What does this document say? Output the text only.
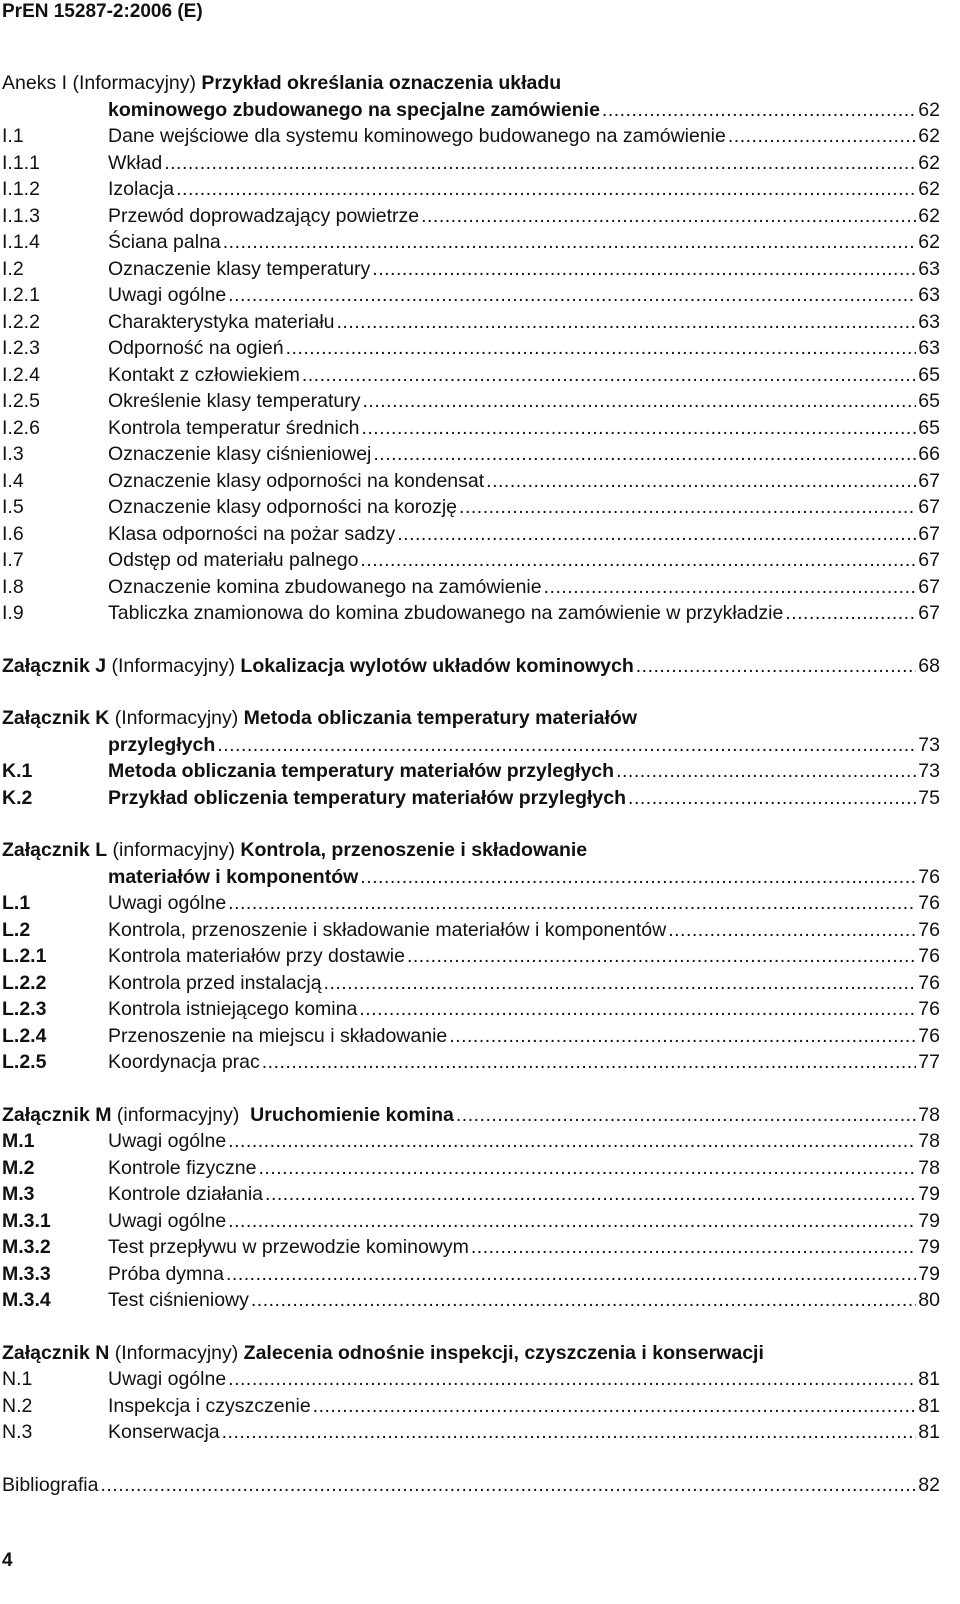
PrEN 15287-2:2006 (E)
Aneks I (Informacyjny) Przykład określania oznaczenia układu
kominowego zbudowanego na specjalne zamówienie .....	62
I.1	Dane wejściowe dla systemu kominowego budowanego na zamówienie .....	62
I.1.1	Wkład .....	62
I.1.2	Izolacja .....	62
I.1.3	Przewód doprowadzający powietrze .....	62
I.1.4	Ściana palna .....	62
I.2	Oznaczenie klasy temperatury .....	63
I.2.1	Uwagi ogólne .....	63
I.2.2	Charakterystyka materiału .....	63
I.2.3	Odporność na ogień .....	63
I.2.4	Kontakt z człowiekiem .....	65
I.2.5	Określenie klasy temperatury .....	65
I.2.6	Kontrola temperatur średnich .....	65
I.3	Oznaczenie klasy ciśnieniowej .....	66
I.4	Oznaczenie klasy odporności na kondensat .....	67
I.5	Oznaczenie klasy odporności na korozję .....	67
I.6	Klasa odporności na pożar sadzy .....	67
I.7	Odstęp od materiału palnego .....	67
I.8	Oznaczenie komina zbudowanego na zamówienie .....	67
I.9	Tabliczka znamionowa do komina zbudowanego na zamówienie w przykładzie .....	67
Załącznik J (Informacyjny) Lokalizacja wylotów układów kominowych .....	68
Załącznik K (Informacyjny) Metoda obliczania temperatury materiałów
przyległych .....	73
K.1	Metoda obliczania temperatury materiałów przyległych .....	73
K.2	Przykład obliczenia temperatury materiałów przyległych .....	75
Załącznik L (informacyjny) Kontrola, przenoszenie i składowanie
materiałów i komponentów .....	76
L.1	Uwagi ogólne .....	76
L.2	Kontrola, przenoszenie i składowanie materiałów i komponentów .....	76
L.2.1	Kontrola materiałów przy dostawie .....	76
L.2.2	Kontrola przed instalacją .....	76
L.2.3	Kontrola istniejącego komina .....	76
L.2.4	Przenoszenie na miejscu i składowanie .....	76
L.2.5	Koordynacja prac .....	77
Załącznik M (informacyjny)  Uruchomienie komina .....	78
M.1	Uwagi ogólne .....	78
M.2	Kontrole fizyczne .....	78
M.3	Kontrole działania .....	79
M.3.1	Uwagi ogólne .....	79
M.3.2	Test przepływu w przewodzie kominowym .....	79
M.3.3	Próba dymna .....	79
M.3.4	Test ciśnieniowy .....	80
Załącznik N (Informacyjny) Zalecenia odnośnie inspekcji, czyszczenia i konserwacji
N.1	Uwagi ogólne .....	81
N.2	Inspekcja i czyszczenie .....	81
N.3	Konserwacja .....	81
Bibliografia .....	82
4
